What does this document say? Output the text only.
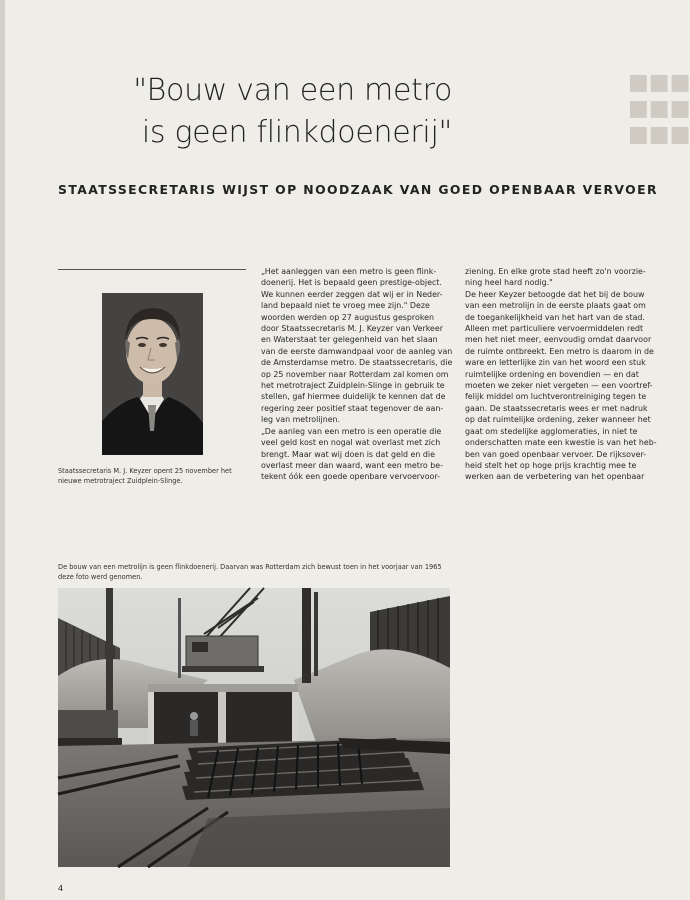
■■■
■■■
■■■
"Bouw van een metro
is geen flinkdoenerij"
STAATSSECRETARIS WIJST OP NOODZAAK VAN GOED OPENBAAR VERVOER
Staatssecretaris M. J. Keyzer opent 25 november het nieuwe metrotraject Zuidplein-Slinge.
„Het aanleggen van een metro is geen flink-
doenerij. Het is bepaald geen prestige-object.
We kunnen eerder zeggen dat wij er in Neder-
land bepaald niet te vroeg mee zijn." Deze
woorden werden op 27 augustus gesproken
door Staatssecretaris M. J. Keyzer van Verkeer
en Waterstaat ter gelegenheid van het slaan
van de eerste damwandpaal voor de aanleg van
de Amsterdamse metro. De staatssecretaris, die
op 25 november naar Rotterdam zal komen om
het metrotraject Zuidplein-Slinge in gebruik te
stellen, gaf hiermee duidelijk te kennen dat de
regering zeer positief staat tegenover de aan-
leg van metrolijnen.
„De aanleg van een metro is een operatie die
veel geld kost en nogal wat overlast met zich
brengt. Maar wat wij doen is dat geld en die
overlast meer dan waard, want een metro be-
tekent óók een goede openbare vervoervoor-
ziening. En elke grote stad heeft zo'n voorzie-
ning heel hard nodig."
De heer Keyzer betoogde dat het bij de bouw
van een metrolijn in de eerste plaats gaat om
de toegankelijkheid van het hart van de stad.
Alleen met particuliere vervoermiddelen redt
men het niet meer, eenvoudig omdat daarvoor
de ruimte ontbreekt. Een metro is daarom in de
ware en letterlijke zin van het woord een stuk
ruimtelijke ordening en bovendien — en dat
moeten we zeker niet vergeten — een voortref-
felijk middel om luchtverontreiniging tegen te
gaan. De staatssecretaris wees er met nadruk
op dat ruimtelijke ordening, zeker wanneer het
gaat om stedelijke agglomeraties, in niet te
onderschatten mate een kwestie is van het heb-
ben van goed openbaar vervoer. De rijksover-
heid stelt het op hoge prijs krachtig mee te
werken aan de verbetering van het openbaar
De bouw van een metrolijn is geen flinkdoenerij. Daarvan was Rotterdam zich bewust toen in het voorjaar van 1965 deze foto werd genomen.
4
